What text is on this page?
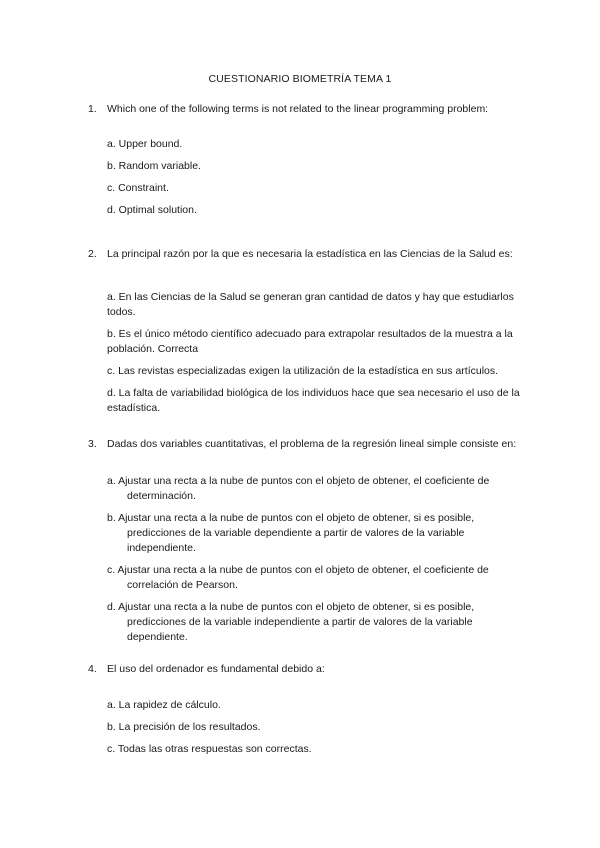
CUESTIONARIO BIOMETRÍA TEMA 1
1. Which one of the following terms is not related to the linear programming problem:
a. Upper bound.
b. Random variable.
c. Constraint.
d. Optimal solution.
2. La principal razón por la que es necesaria la estadística en las Ciencias de la Salud es:
a. En las Ciencias de la Salud se generan gran cantidad de datos y hay que estudiarlos todos.
b. Es el único método científico adecuado para extrapolar resultados de la muestra a la población. Correcta
c. Las revistas especializadas exigen la utilización de la estadística en sus artículos.
d. La falta de variabilidad biológica de los individuos hace que sea necesario el uso de la estadística.
3. Dadas dos variables cuantitativas, el problema de la regresión lineal simple consiste en:
a. Ajustar una recta a la nube de puntos con el objeto de obtener, el coeficiente de determinación.
b. Ajustar una recta a la nube de puntos con el objeto de obtener, si es posible, predicciones de la variable dependiente a partir de valores de la variable independiente.
c. Ajustar una recta a la nube de puntos con el objeto de obtener, el coeficiente de correlación de Pearson.
d. Ajustar una recta a la nube de puntos con el objeto de obtener, si es posible, predicciones de la variable independiente a partir de valores de la variable dependiente.
4. El uso del ordenador es fundamental debido a:
a. La rapidez de cálculo.
b. La precisión de los resultados.
c. Todas las otras respuestas son correctas.
